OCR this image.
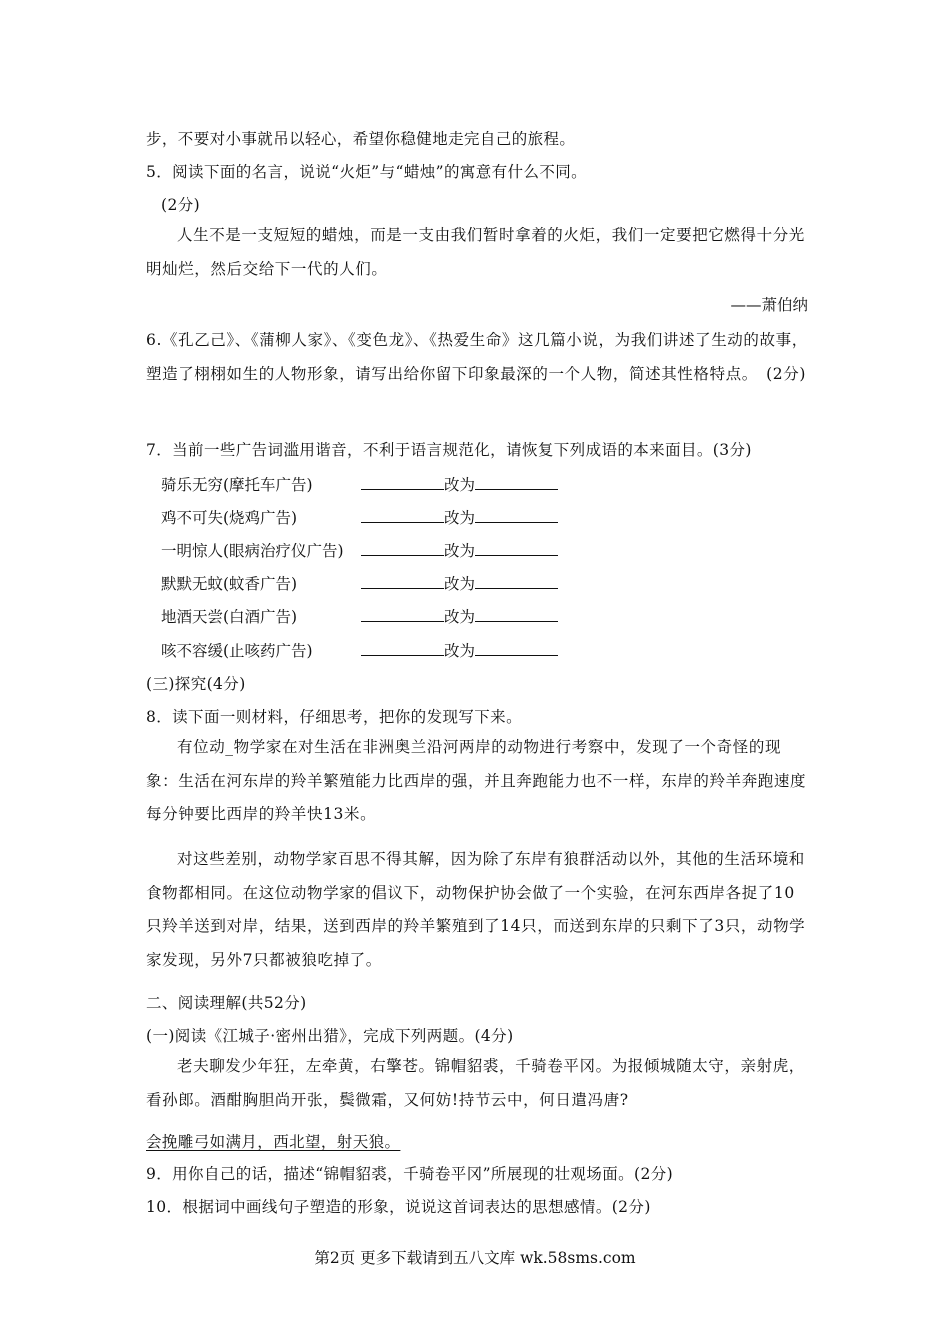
步，不要对小事就吊以轻心，希望你稳健地走完自己的旅程。
5．阅读下面的名言，说说“火炬”与“蜡烛”的寓意有什么不同。
(2分)
人生不是一支短短的蜡烛，而是一支由我们暂时拿着的火炬，我们一定要把它燃得十分光明灿烂，然后交给下一代的人们。
——萧伯纳
6.《孔乙己》、《蒲柳人家》、《变色龙》、《热爱生命》这几篇小说，为我们讲述了生动的故事，塑造了栩栩如生的人物形象，请写出给你留下印象最深的一个人物，简述其性格特点。　(2分)
7．当前一些广告词滥用谐音，不利于语言规范化，请恢复下列成语的本来面目。(3分)
骑乐无穷(摩托车广告)	改为
鸡不可失(烧鸡广告)	改为
一明惊人(眼病治疗仪广告)	改为
默默无蚊(蚊香广告)	改为
地酒天尝(白酒广告)	改为
咳不容缓(止咳药广告)	改为
(三)探究(4分)
8．读下面一则材料，仔细思考，把你的发现写下来。
有位动_物学家在对生活在非洲奥兰沿河两岸的动物进行考察中，发现了一个奇怪的现象：生活在河东岸的羚羊繁殖能力比西岸的强，并且奔跑能力也不一样，东岸的羚羊奔跑速度每分钟要比西岸的羚羊快13米。
对这些差别，动物学家百思不得其解，因为除了东岸有狼群活动以外，其他的生活环境和食物都相同。在这位动物学家的倡议下，动物保护协会做了一个实验，在河东西岸各捉了10只羚羊送到对岸，结果，送到西岸的羚羊繁殖到了14只，而送到东岸的只剩下了3只，动物学家发现，另外7只都被狼吃掉了。
二、阅读理解(共52分)
(一)阅读《江城子·密州出猎》，完成下列两题。(4分)
老夫聊发少年狂，左牵黄，右擎苍。锦帽貂裘，千骑卷平冈。为报倾城随太守，亲射虎，看孙郎。酒酣胸胆尚开张，鬓微霜，又何妨!持节云中，何日遣冯唐?
会挽雕弓如满月，西北望，射天狼。
9．用你自己的话，描述“锦帽貂裘，千骑卷平冈”所展现的壮观场面。(2分)
10．根据词中画线句子塑造的形象，说说这首词表达的思想感情。(2分)
第2页 更多下载请到五八文库 wk.58sms.com
